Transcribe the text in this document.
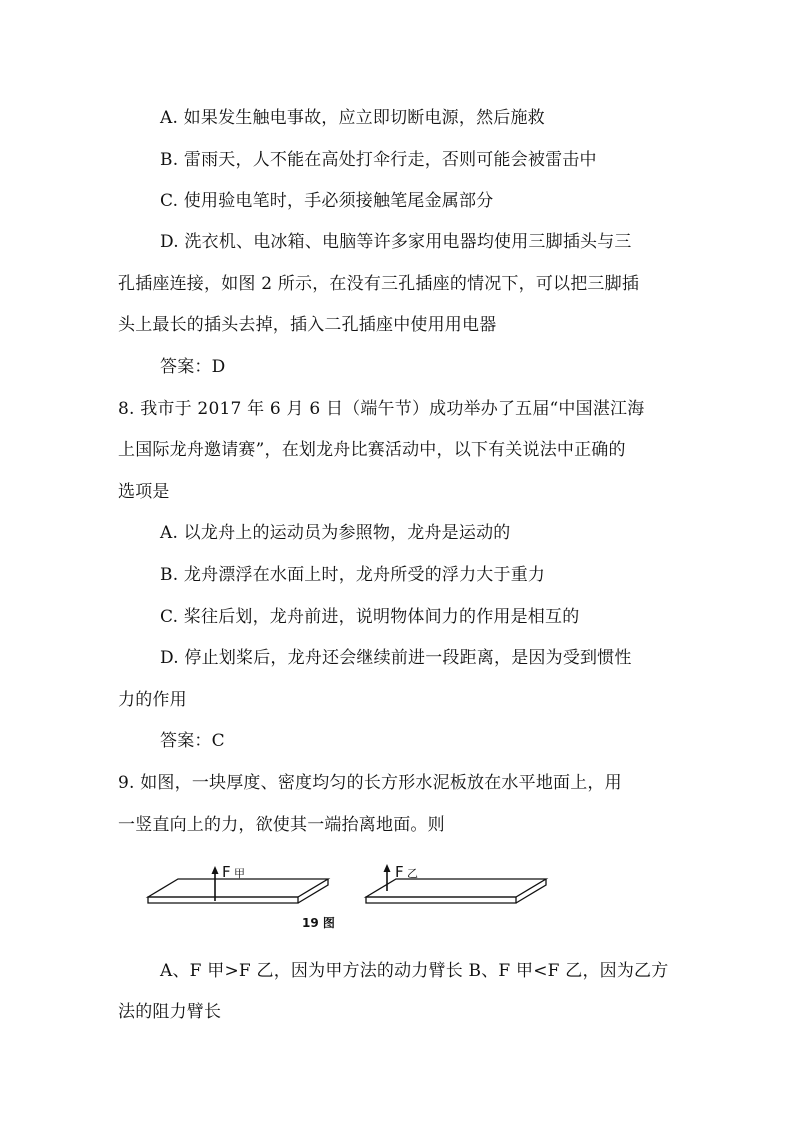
A. 如果发生触电事故，应立即切断电源，然后施救
B. 雷雨天，人不能在高处打伞行走，否则可能会被雷击中
C. 使用验电笔时，手必须接触笔尾金属部分
D. 洗衣机、电冰箱、电脑等许多家用电器均使用三脚插头与三
孔插座连接，如图 2 所示，在没有三孔插座的情况下，可以把三脚插
头上最长的插头去掉，插入二孔插座中使用用电器
答案：D
8. 我市于 2017 年 6 月 6 日（端午节）成功举办了五届“中国湛江海
上国际龙舟邀请赛”，在划龙舟比赛活动中，以下有关说法中正确的
选项是
A. 以龙舟上的运动员为参照物，龙舟是运动的
B. 龙舟漂浮在水面上时，龙舟所受的浮力大于重力
C. 桨往后划，龙舟前进，说明物体间力的作用是相互的
D. 停止划桨后，龙舟还会继续前进一段距离，是因为受到惯性
力的作用
答案：C
9. 如图，一块厚度、密度均匀的长方形水泥板放在水平地面上，用
一竖直向上的力，欲使其一端抬离地面。则
F 甲	F 乙
19 图
A、F 甲>F 乙，因为甲方法的动力臂长 B、F 甲<F 乙，因为乙方
法的阻力臂长
